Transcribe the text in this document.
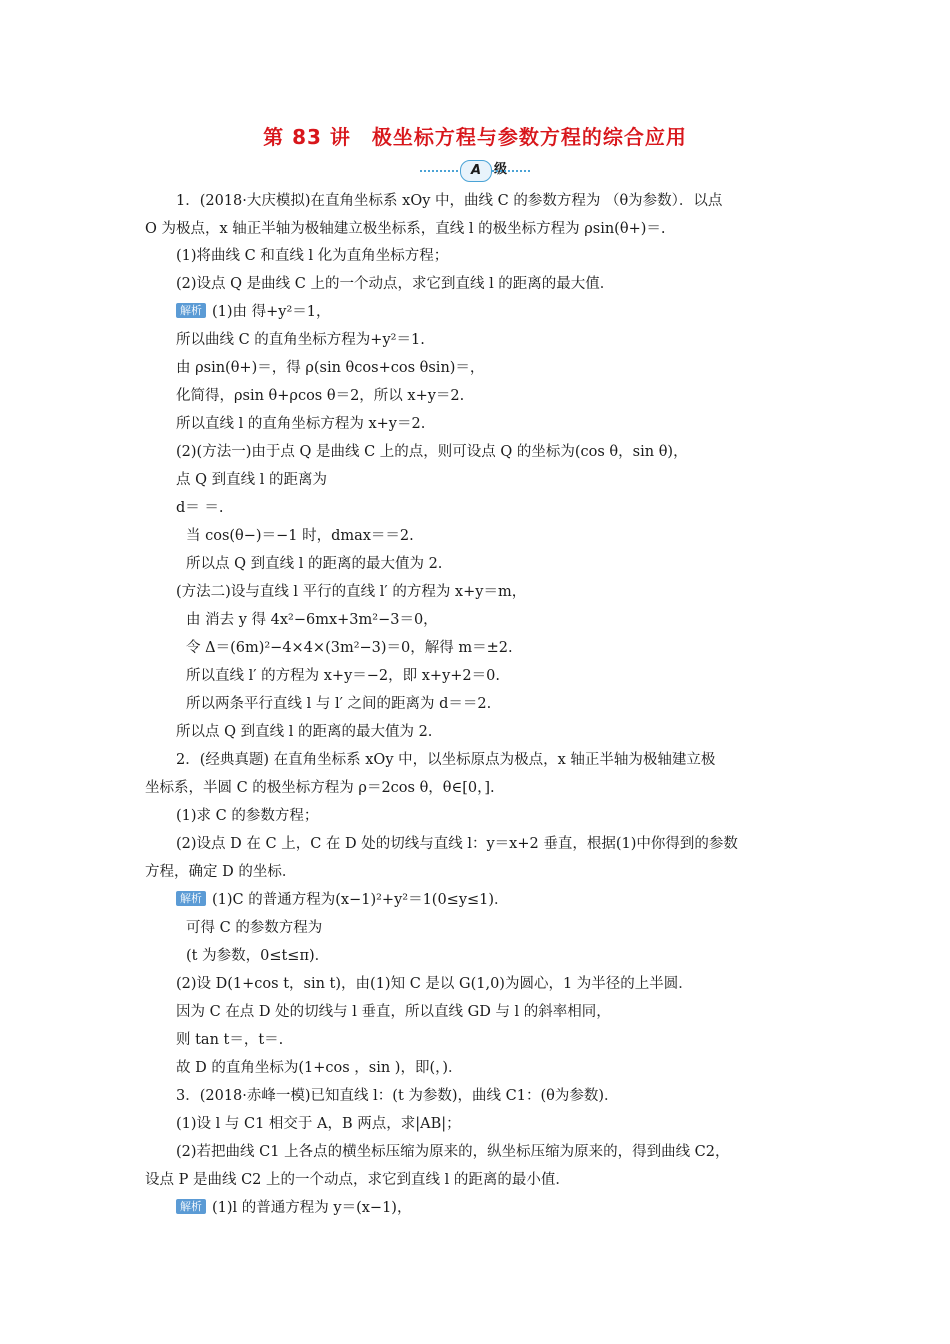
第 83 讲　极坐标方程与参数方程的综合应用
A 级
1．(2018·大庆模拟)在直角坐标系 xOy 中，曲线 C 的参数方程为 （θ为参数）．以点
O 为极点，x 轴正半轴为极轴建立极坐标系，直线 l 的极坐标方程为 ρsin(θ+)＝.
(1)将曲线 C 和直线 l 化为直角坐标方程；
(2)设点 Q 是曲线 C 上的一个动点，求它到直线 l 的距离的最大值．
解析 (1)由 得+y²＝1，
所以曲线 C 的直角坐标方程为+y²＝1.
由 ρsin(θ+)＝，得 ρ(sin θcos+cos θsin)＝，
化简得，ρsin θ+ρcos θ＝2，所以 x+y＝2.
所以直线 l 的直角坐标方程为 x+y＝2.
(2)(方法一)由于点 Q 是曲线 C 上的点，则可设点 Q 的坐标为(cos θ，sin θ)，
点 Q 到直线 l 的距离为
d＝ ＝.
当 cos(θ−)＝−1 时，dmax＝＝2.
所以点 Q 到直线 l 的距离的最大值为 2.
(方法二)设与直线 l 平行的直线 l′ 的方程为 x+y＝m，
由 消去 y 得 4x²−6mx+3m²−3＝0，
令 Δ＝(6m)²−4×4×(3m²−3)＝0，解得 m＝±2.
所以直线 l′ 的方程为 x+y＝−2，即 x+y+2＝0.
所以两条平行直线 l 与 l′ 之间的距离为 d＝＝2.
所以点 Q 到直线 l 的距离的最大值为 2.
2．(经典真题) 在直角坐标系 xOy 中，以坐标原点为极点，x 轴正半轴为极轴建立极
坐标系，半圆 C 的极坐标方程为 ρ＝2cos θ，θ∈[0，].
(1)求 C 的参数方程；
(2)设点 D 在 C 上，C 在 D 处的切线与直线 l：y＝x+2 垂直，根据(1)中你得到的参数
方程，确定 D 的坐标．
解析 (1)C 的普通方程为(x−1)²+y²＝1(0≤y≤1)．
可得 C 的参数方程为
(t 为参数，0≤t≤π)．
(2)设 D(1+cos t，sin t)，由(1)知 C 是以 G(1,0)为圆心，1 为半径的上半圆．
因为 C 在点 D 处的切线与 l 垂直，所以直线 GD 与 l 的斜率相同，
则 tan t＝，t＝.
故 D 的直角坐标为(1+cos ，sin )，即(，)．
3．(2018·赤峰一模)已知直线 l：(t 为参数)，曲线 C1：(θ为参数)．
(1)设 l 与 C1 相交于 A，B 两点，求|AB|；
(2)若把曲线 C1 上各点的横坐标压缩为原来的，纵坐标压缩为原来的，得到曲线 C2，
设点 P 是曲线 C2 上的一个动点，求它到直线 l 的距离的最小值．
解析 (1)l 的普通方程为 y＝(x−1)，
